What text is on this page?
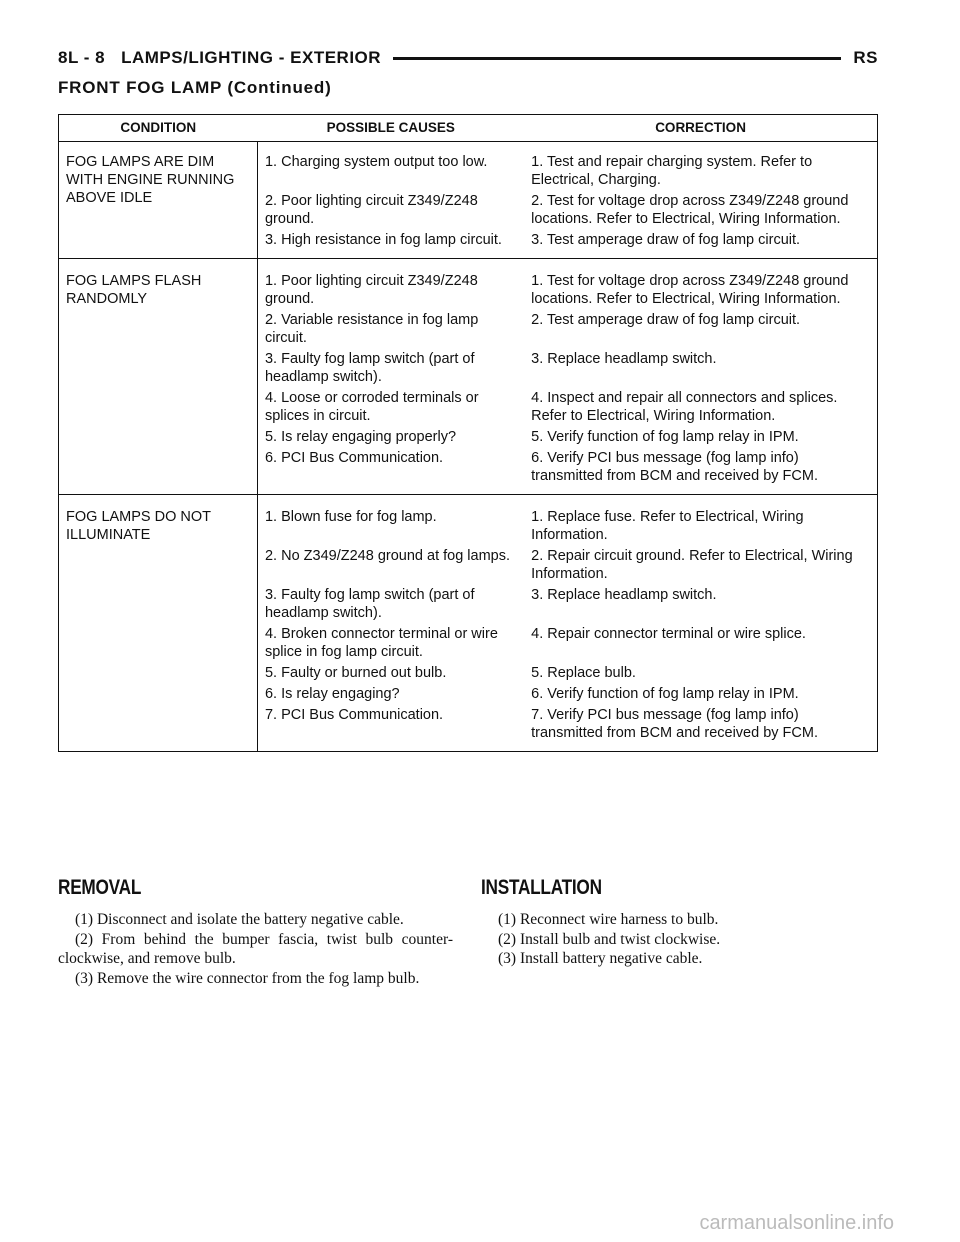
8L - 8 LAMPS/LIGHTING - EXTERIOR	RS
FRONT FOG LAMP (Continued)
CONDITION	POSSIBLE CAUSES	CORRECTION
FOG LAMPS ARE DIM WITH ENGINE RUNNING ABOVE IDLE	1. Charging system output too low.	1. Test and repair charging system. Refer to Electrical, Charging.
	2. Poor lighting circuit Z349/Z248 ground.	2. Test for voltage drop across Z349/Z248 ground locations. Refer to Electrical, Wiring Information.
	3. High resistance in fog lamp circuit.	3. Test amperage draw of fog lamp circuit.
FOG LAMPS FLASH RANDOMLY	1. Poor lighting circuit Z349/Z248 ground.	1. Test for voltage drop across Z349/Z248 ground locations. Refer to Electrical, Wiring Information.
	2. Variable resistance in fog lamp circuit.	2. Test amperage draw of fog lamp circuit.
	3. Faulty fog lamp switch (part of headlamp switch).	3. Replace headlamp switch.
	4. Loose or corroded terminals or splices in circuit.	4. Inspect and repair all connectors and splices. Refer to Electrical, Wiring Information.
	5. Is relay engaging properly?	5. Verify function of fog lamp relay in IPM.
	6. PCI Bus Communication.	6. Verify PCI bus message (fog lamp info) transmitted from BCM and received by FCM.
FOG LAMPS DO NOT ILLUMINATE	1. Blown fuse for fog lamp.	1. Replace fuse. Refer to Electrical, Wiring Information.
	2. No Z349/Z248 ground at fog lamps.	2. Repair circuit ground. Refer to Electrical, Wiring Information.
	3. Faulty fog lamp switch (part of headlamp switch).	3. Replace headlamp switch.
	4. Broken connector terminal or wire splice in fog lamp circuit.	4. Repair connector terminal or wire splice.
	5. Faulty or burned out bulb.	5. Replace bulb.
	6. Is relay engaging?	6. Verify function of fog lamp relay in IPM.
	7. PCI Bus Communication.	7. Verify PCI bus message (fog lamp info) transmitted from BCM and received by FCM.
REMOVAL

(1) Disconnect and isolate the battery negative cable.

(2) From behind the bumper fascia, twist bulb counter-clockwise, and remove bulb.

(3) Remove the wire connector from the fog lamp bulb.

INSTALLATION

(1) Reconnect wire harness to bulb.

(2) Install bulb and twist clockwise.

(3) Install battery negative cable.

carmanualsonline.info
